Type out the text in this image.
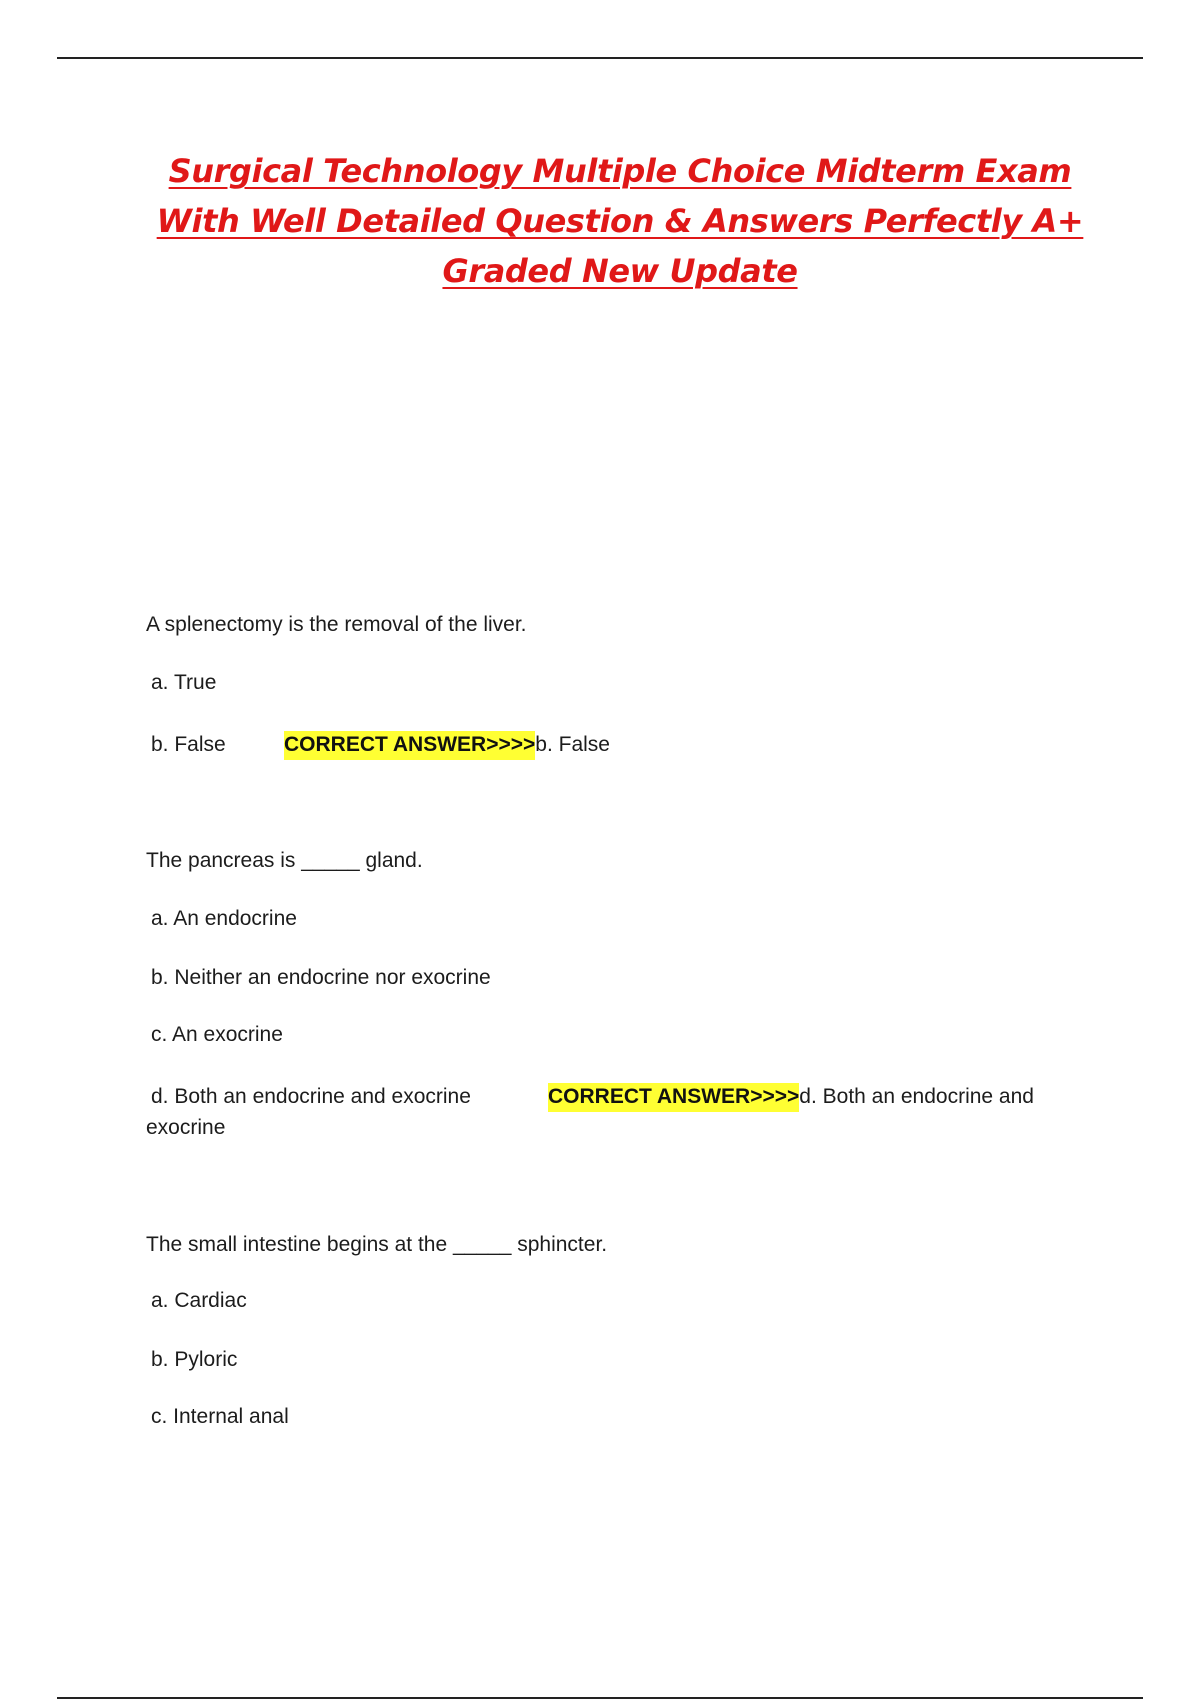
Surgical Technology Multiple Choice Midterm Exam
With Well Detailed Question & Answers Perfectly A+
Graded New Update
A splenectomy is the removal of the liver.
a. True
b. False	CORRECT ANSWER>>>>b. False
The pancreas is _____ gland.
a. An endocrine
b. Neither an endocrine nor exocrine
c. An exocrine
d. Both an endocrine and exocrine	CORRECT ANSWER>>>>d. Both an endocrine and
exocrine
The small intestine begins at the _____ sphincter.
a. Cardiac
b. Pyloric
c. Internal anal
